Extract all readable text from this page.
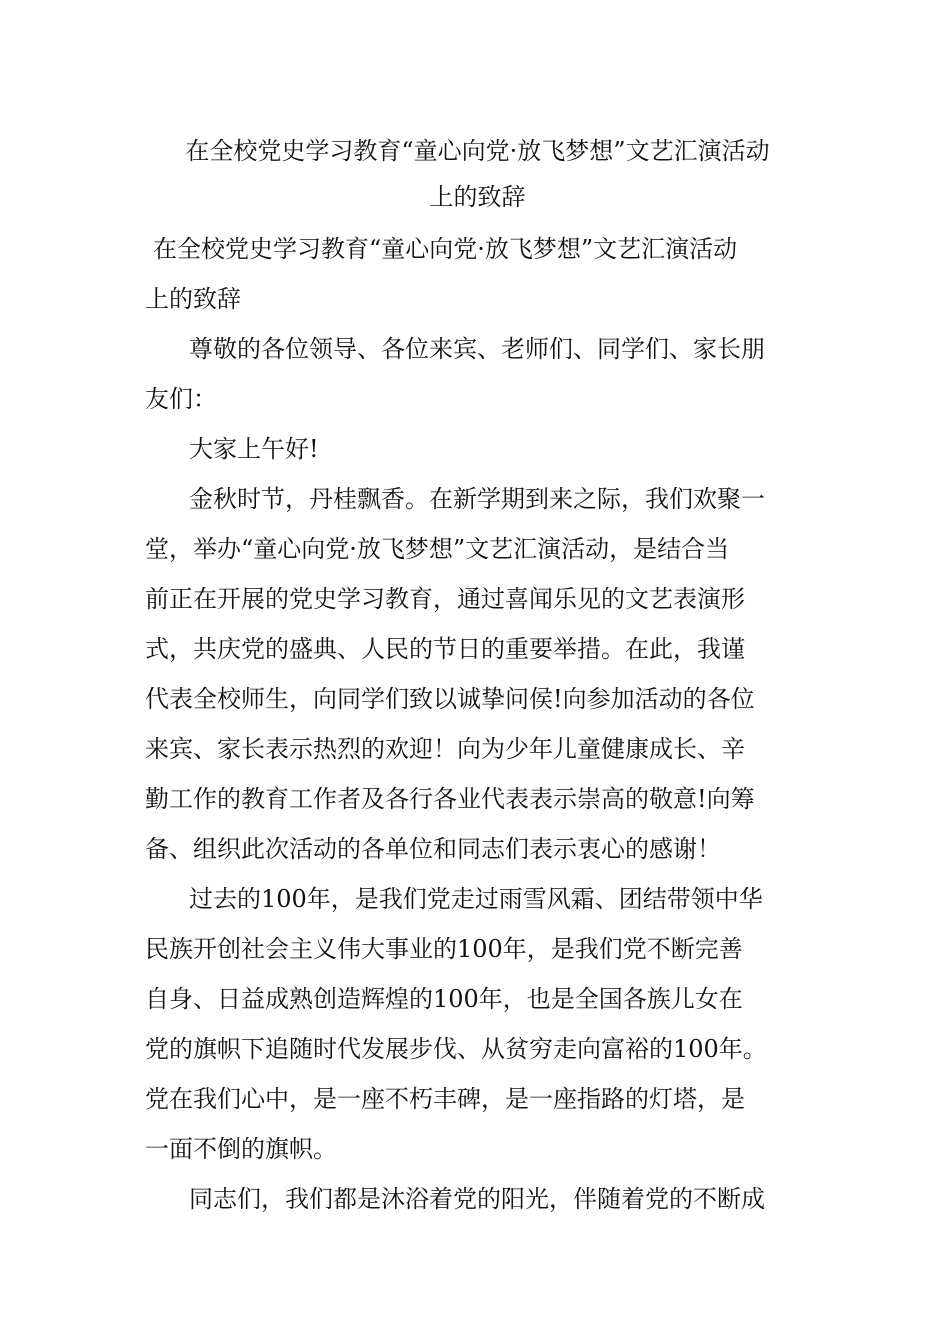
在全校党史学习教育“童心向党·放飞梦想”文艺汇演活动
上的致辞
在全校党史学习教育“童心向党·放飞梦想”文艺汇演活动
上的致辞

尊敬的各位领导、各位来宾、老师们、同学们、家长朋
友们：

大家上午好!

金秋时节，丹桂飘香。在新学期到来之际，我们欢聚一
堂，举办“童心向党·放飞梦想”文艺汇演活动，是结合当
前正在开展的党史学习教育，通过喜闻乐见的文艺表演形
式，共庆党的盛典、人民的节日的重要举措。在此，我谨
代表全校师生，向同学们致以诚挚问侯!向参加活动的各位
来宾、家长表示热烈的欢迎！向为少年儿童健康成长、辛
勤工作的教育工作者及各行各业代表表示崇高的敬意!向筹
备、组织此次活动的各单位和同志们表示衷心的感谢！

过去的100年，是我们党走过雨雪风霜、团结带领中华
民族开创社会主义伟大事业的100年，是我们党不断完善
自身、日益成熟创造辉煌的100年，也是全国各族儿女在
党的旗帜下追随时代发展步伐、从贫穷走向富裕的100年。
党在我们心中，是一座不朽丰碑，是一座指路的灯塔，是
一面不倒的旗帜。

同志们，我们都是沐浴着党的阳光，伴随着党的不断成
